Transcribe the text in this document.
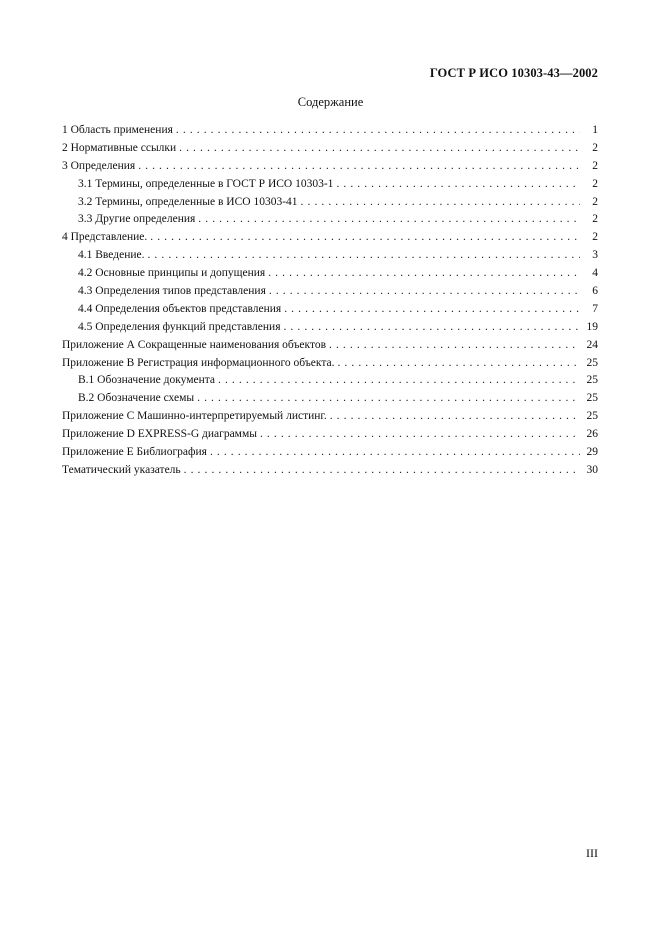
ГОСТ Р ИСО 10303-43—2002
Содержание
1 Область применения . . .	1
2 Нормативные ссылки . . .	2
3 Определения . . .	2
3.1 Термины, определенные в ГОСТ Р ИСО 10303-1 . . .	2
3.2 Термины, определенные в ИСО 10303-41 . . .	2
3.3 Другие определения . . .	2
4 Представление. . . .	2
4.1 Введение. . . .	3
4.2 Основные принципы и допущения . . .	4
4.3 Определения типов представления . . .	6
4.4 Определения объектов представления . . .	7
4.5 Определения функций представления . . .	19
Приложение А Сокращенные наименования объектов . . .	24
Приложение В Регистрация информационного объекта. . . .	25
В.1 Обозначение документа . . .	25
В.2 Обозначение схемы . . .	25
Приложение С Машинно-интерпретируемый листинг. . . .	25
Приложение D EXPRESS-G диаграммы . . .	26
Приложение Е Библиография . . .	29
Тематический указатель . . .	30
III
